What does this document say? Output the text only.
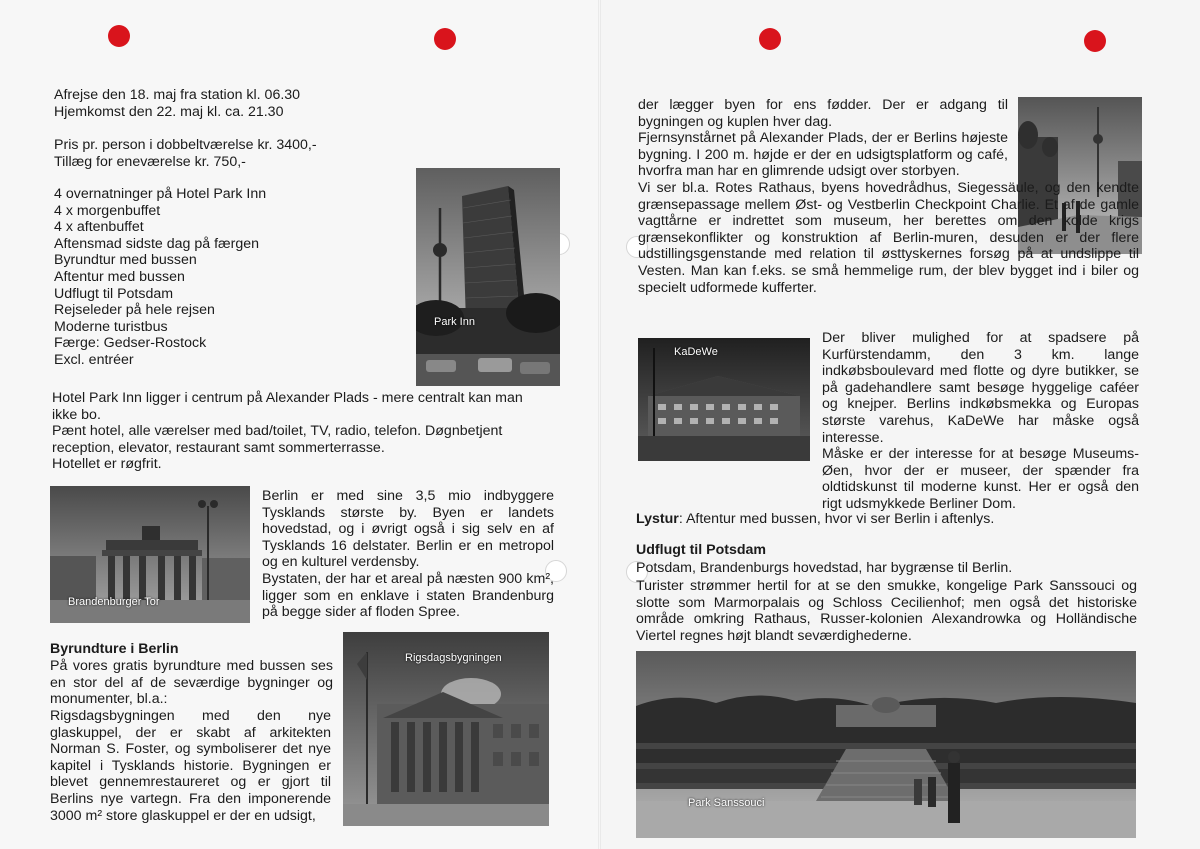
Afrejse den 18. maj fra station kl. 06.30
Hjemkomst den 22. maj kl. ca. 21.30
Pris pr. person i dobbeltværelse kr. 3400,-
Tillæg for eneværelse kr. 750,-
4 overnatninger på Hotel Park Inn
4 x morgenbuffet
4 x aftenbuffet
Aftensmad sidste dag på færgen
Byrundtur med bussen
Aftentur med bussen
Udflugt til Potsdam
Rejseleder på hele rejsen
Moderne turistbus
Færge: Gedser-Rostock
Excl. entréer
Park Inn
Hotel Park Inn ligger i centrum på Alexander Plads - mere centralt kan man ikke bo.
Pænt hotel, alle værelser med bad/toilet, TV, radio, telefon. Døgnbetjent reception, elevator, restaurant samt sommerterrasse.
Hotellet er røgfrit.
Brandenburger Tor
Berlin er med sine 3,5 mio indbyggere Tysklands største by. Byen er landets hovedstad, og i øvrigt også i sig selv en af Tysklands 16 delstater. Berlin er en metropol og en kulturel verdensby.
Bystaten, der har et areal på næsten 900 km², ligger som en enklave i staten Brandenburg på begge sider af floden Spree.
Byrundture i Berlin
På vores gratis byrundture med bussen ses en stor del af de seværdige bygninger og monumenter, bl.a.:
Rigsdagsbygningen med den nye glaskuppel, der er skabt af arkitekten Norman S. Foster, og symboliserer det nye kapitel i Tysklands historie. Bygningen er blevet gennemrestaureret og er gjort til Berlins nye vartegn. Fra den imponerende 3000 m² store glaskuppel er der en udsigt,
Rigsdagsbygningen
der lægger byen for ens fødder. Der er adgang til bygningen og kuplen hver dag.
Fjernsynstårnet på Alexander Plads, der er Berlins højeste bygning. I 200 m. højde er der en udsigtsplatform og café, hvorfra man har en glimrende udsigt over storbyen.
Vi ser bl.a. Rotes Rathaus, byens hovedrådhus, Siegessäule, og den kendte grænsepassage mellem Øst- og Vestberlin Checkpoint Charlie. Et af de gamle vagttårne er indrettet som museum, her berettes om den kolde krigs grænsekonflikter og konstruktion af Berlin-muren, desuden er der flere udstillingsgenstande med relation til østtyskernes forsøg på at undslippe til Vesten. Man kan f.eks. se små hemmelige rum, der blev bygget ind i biler og specielt udformede kufferter.
KaDeWe
Der bliver mulighed for at spadsere på Kurfürstendamm, den 3 km. lange indkøbsboulevard med flotte og dyre butikker, se på gadehandlere samt besøge hyggelige caféer og knejper. Berlins indkøbsmekka og Europas største varehus, KaDeWe har måske også interesse.
Måske er der interesse for at besøge Museums-Øen, hvor der er museer, der spænder fra oldtidskunst til moderne kunst. Her er også den rigt udsmykkede Berliner Dom.
Lystur: Aftentur med bussen, hvor vi ser Berlin i aftenlys.
Udflugt til Potsdam
Potsdam, Brandenburgs hovedstad, har bygrænse til Berlin.
Turister strømmer hertil for at se den smukke, kongelige Park Sanssouci og slotte som Marmorpalais og Schloss Cecilienhof; men også det historiske område omkring Rathaus, Russer-kolonien Alexandrowka og Holländische Viertel regnes højt blandt seværdighederne.
Park Sanssouci
